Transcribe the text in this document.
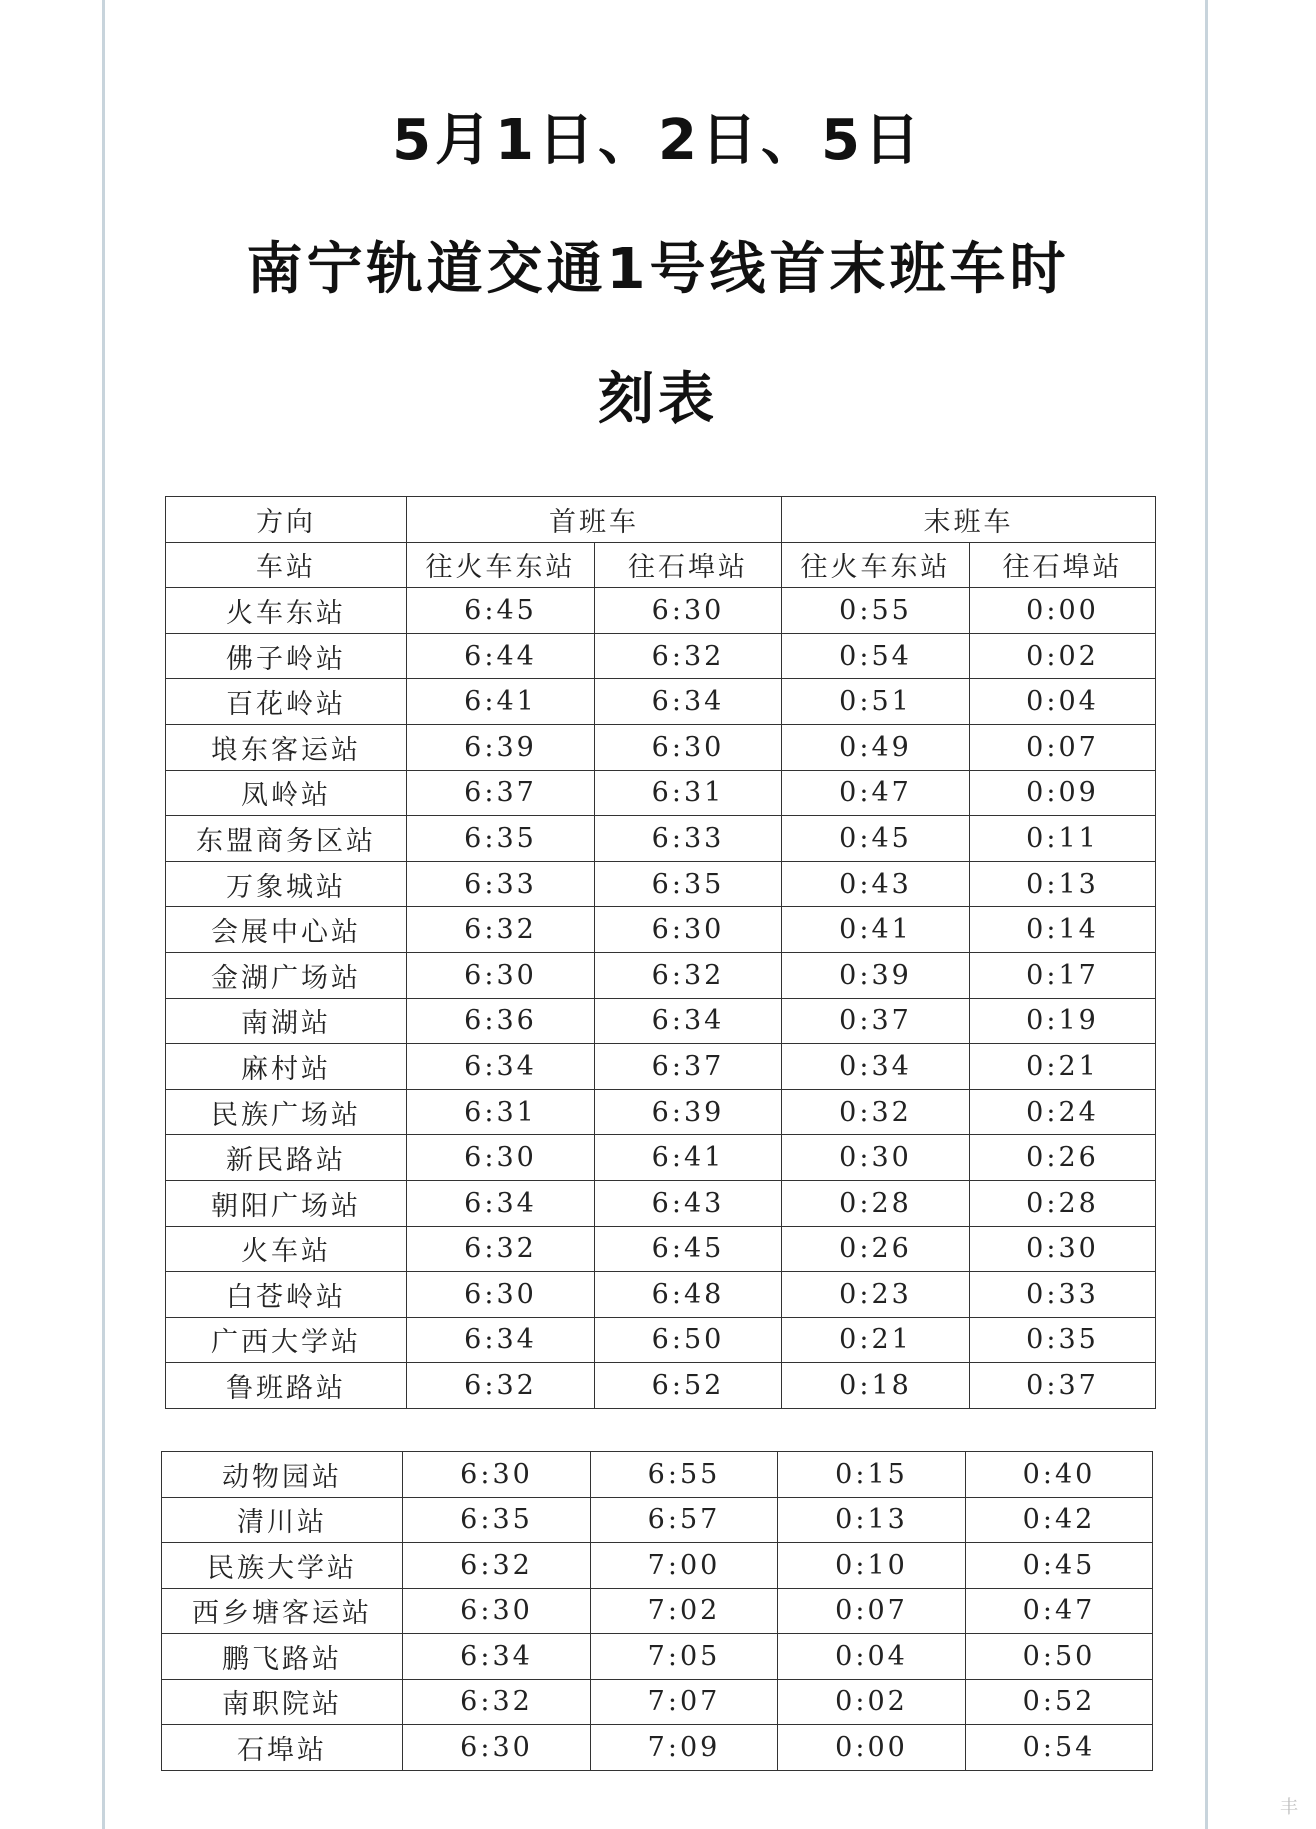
5月1日、2日、5日
南宁轨道交通1号线首末班车时
刻表
方向	首班车		末班车	
车站	往火车东站	往石埠站	往火车东站	往石埠站
火车东站	6:45	6:30	0:55	0:00
佛子岭站	6:44	6:32	0:54	0:02
百花岭站	6:41	6:34	0:51	0:04
埌东客运站	6:39	6:30	0:49	0:07
凤岭站	6:37	6:31	0:47	0:09
东盟商务区站	6:35	6:33	0:45	0:11
万象城站	6:33	6:35	0:43	0:13
会展中心站	6:32	6:30	0:41	0:14
金湖广场站	6:30	6:32	0:39	0:17
南湖站	6:36	6:34	0:37	0:19
麻村站	6:34	6:37	0:34	0:21
民族广场站	6:31	6:39	0:32	0:24
新民路站	6:30	6:41	0:30	0:26
朝阳广场站	6:34	6:43	0:28	0:28
火车站	6:32	6:45	0:26	0:30
白苍岭站	6:30	6:48	0:23	0:33
广西大学站	6:34	6:50	0:21	0:35
鲁班路站	6:32	6:52	0:18	0:37
动物园站	6:30	6:55	0:15	0:40
清川站	6:35	6:57	0:13	0:42
民族大学站	6:32	7:00	0:10	0:45
西乡塘客运站	6:30	7:02	0:07	0:47
鹏飞路站	6:34	7:05	0:04	0:50
南职院站	6:32	7:07	0:02	0:52
石埠站	6:30	7:09	0:00	0:54
丰
